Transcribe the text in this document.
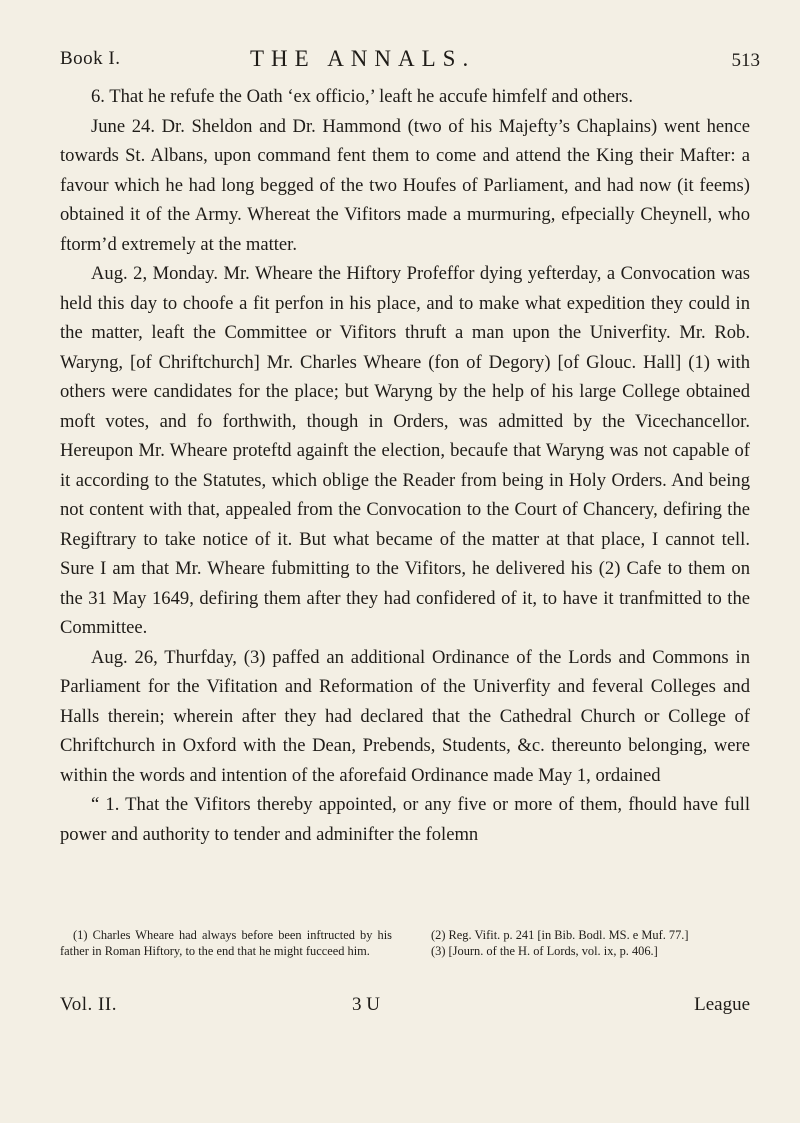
Book I.	THE ANNALS.	513

6. That he refufe the Oath ‘ex officio,’ leaft he accufe himfelf and others.

June 24. Dr. Sheldon and Dr. Hammond (two of his Majefty’s Chaplains) went hence towards St. Albans, upon command fent them to come and attend the King their Mafter: a favour which he had long begged of the two Houfes of Parliament, and had now (it feems) obtained it of the Army. Whereat the Vifitors made a murmuring, efpecially Cheynell, who ftorm’d extremely at the matter.

Aug. 2, Monday. Mr. Wheare the Hiftory Profeffor dying yefterday, a Convocation was held this day to choofe a fit perfon in his place, and to make what expedition they could in the matter, leaft the Committee or Vifitors thruft a man upon the Univerfity. Mr. Rob. Waryng, [of Chriftchurch] Mr. Charles Wheare (fon of Degory) [of Glouc. Hall] (1) with others were candidates for the place; but Waryng by the help of his large College obtained moft votes, and fo forthwith, though in Orders, was admitted by the Vicechancellor. Hereupon Mr. Wheare proteftd againft the election, becaufe that Waryng was not capable of it according to the Statutes, which oblige the Reader from being in Holy Orders. And being not content with that, appealed from the Convocation to the Court of Chancery, defiring the Regiftrary to take notice of it. But what became of the matter at that place, I cannot tell. Sure I am that Mr. Wheare fubmitting to the Vifitors, he delivered his (2) Cafe to them on the 31 May 1649, defiring them after they had confidered of it, to have it tranfmitted to the Committee.

Aug. 26, Thurfday, (3) paffed an additional Ordinance of the Lords and Commons in Parliament for the Vifitation and Reformation of the Univerfity and feveral Colleges and Halls therein; wherein after they had declared that the Cathedral Church or College of Chriftchurch in Oxford with the Dean, Prebends, Students, &c. thereunto belonging, were within the words and intention of the aforefaid Ordinance made May 1, ordained

“ 1. That the Vifitors thereby appointed, or any five or more of them, fhould have full power and authority to tender and adminifter the folemn

(1) Charles Wheare had always before been inftructed by his father in Roman Hiftory, to the end that he might fucceed him.

(2) Reg. Vifit. p. 241 [in Bib. Bodl. MS. e Muf. 77.]

(3) [Journ. of the H. of Lords, vol. ix, p. 406.]

Vol. II.	3 U	League
